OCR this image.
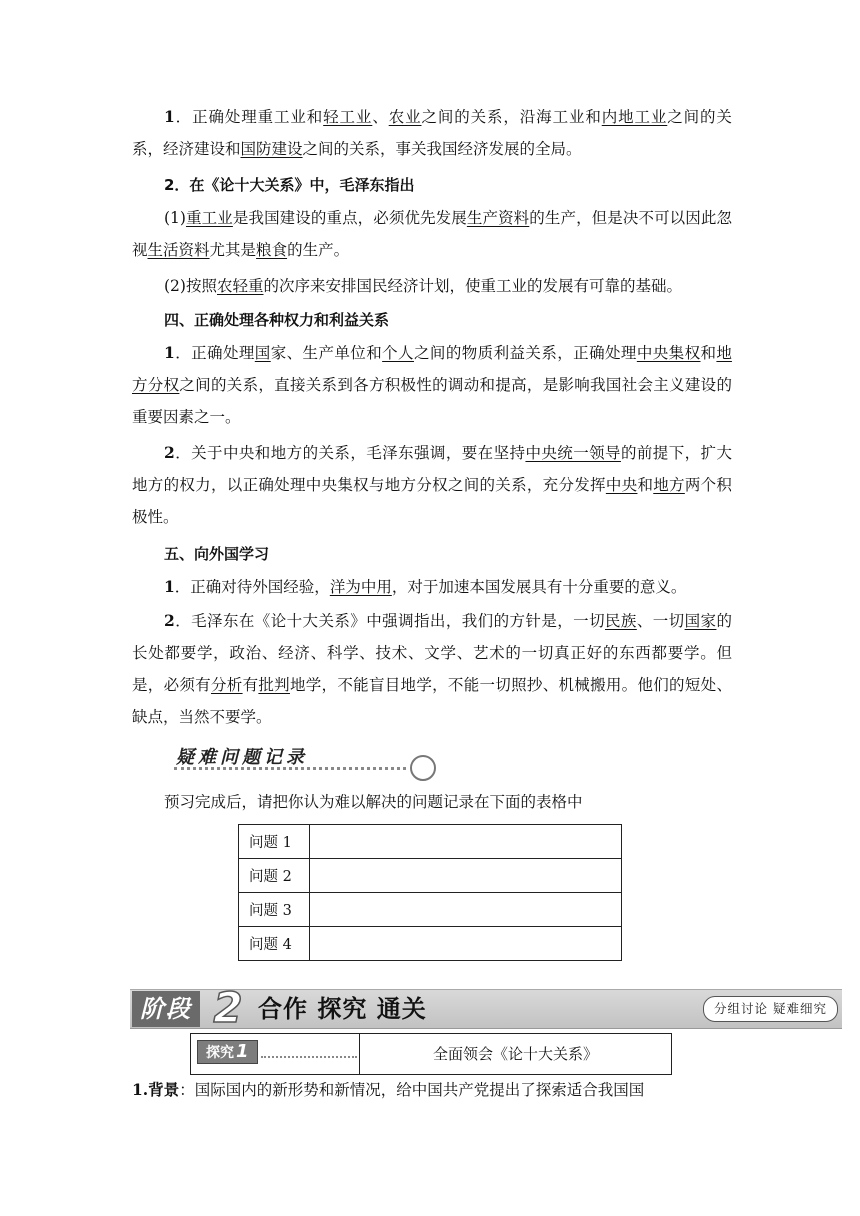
1．正确处理重工业和轻工业、农业之间的关系，沿海工业和内地工业之间的关系，经济建设和国防建设之间的关系，事关我国经济发展的全局。

2．在《论十大关系》中，毛泽东指出

(1)重工业是我国建设的重点，必须优先发展生产资料的生产，但是决不可以因此忽视生活资料尤其是粮食的生产。

(2)按照农轻重的次序来安排国民经济计划，使重工业的发展有可靠的基础。

四、正确处理各种权力和利益关系

1．正确处理国家、生产单位和个人之间的物质利益关系，正确处理中央集权和地方分权之间的关系，直接关系到各方积极性的调动和提高，是影响我国社会主义建设的重要因素之一。

2．关于中央和地方的关系，毛泽东强调，要在坚持中央统一领导的前提下，扩大地方的权力，以正确处理中央集权与地方分权之间的关系，充分发挥中央和地方两个积极性。

五、向外国学习

1．正确对待外国经验，洋为中用，对于加速本国发展具有十分重要的意义。

2．毛泽东在《论十大关系》中强调指出，我们的方针是，一切民族、一切国家的长处都要学，政治、经济、科学、技术、文学、艺术的一切真正好的东西都要学。但是，必须有分析有批判地学，不能盲目地学，不能一切照抄、机械搬用。他们的短处、缺点，当然不要学。

疑难问题记录

预习完成后，请把你认为难以解决的问题记录在下面的表格中

问题 1	
问题 2	
问题 3	
问题 4	
阶段 2 合作 探究 通关	分组讨论 疑难细究
探究 1	全面领会《论十大关系》

1.背景：国际国内的新形势和新情况，给中国共产党提出了探索适合我国国
